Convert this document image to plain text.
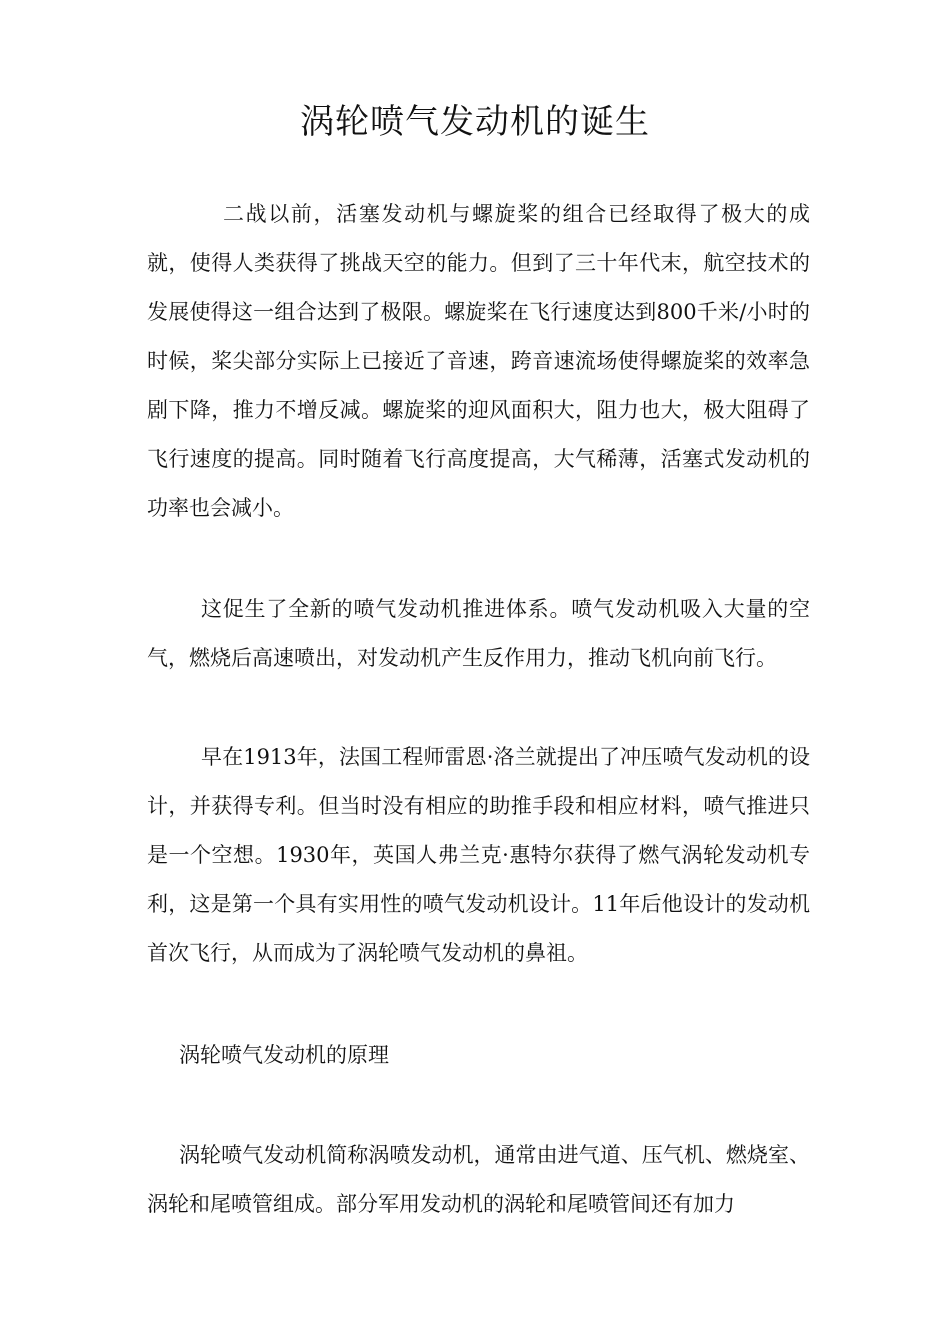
涡轮喷气发动机的诞生

二战以前，活塞发动机与螺旋桨的组合已经取得了极大的成就，使得人类获得了挑战天空的能力。但到了三十年代末，航空技术的发展使得这一组合达到了极限。螺旋桨在飞行速度达到800千米/小时的时候，桨尖部分实际上已接近了音速，跨音速流场使得螺旋桨的效率急剧下降，推力不增反减。螺旋桨的迎风面积大，阻力也大，极大阻碍了飞行速度的提高。同时随着飞行高度提高，大气稀薄，活塞式发动机的功率也会减小。

这促生了全新的喷气发动机推进体系。喷气发动机吸入大量的空气，燃烧后高速喷出，对发动机产生反作用力，推动飞机向前飞行。

早在1913年，法国工程师雷恩·洛兰就提出了冲压喷气发动机的设计，并获得专利。但当时没有相应的助推手段和相应材料，喷气推进只是一个空想。1930年，英国人弗兰克·惠特尔获得了燃气涡轮发动机专利，这是第一个具有实用性的喷气发动机设计。11年后他设计的发动机首次飞行，从而成为了涡轮喷气发动机的鼻祖。

涡轮喷气发动机的原理

涡轮喷气发动机简称涡喷发动机，通常由进气道、压气机、燃烧室、涡轮和尾喷管组成。部分军用发动机的涡轮和尾喷管间还有加力
